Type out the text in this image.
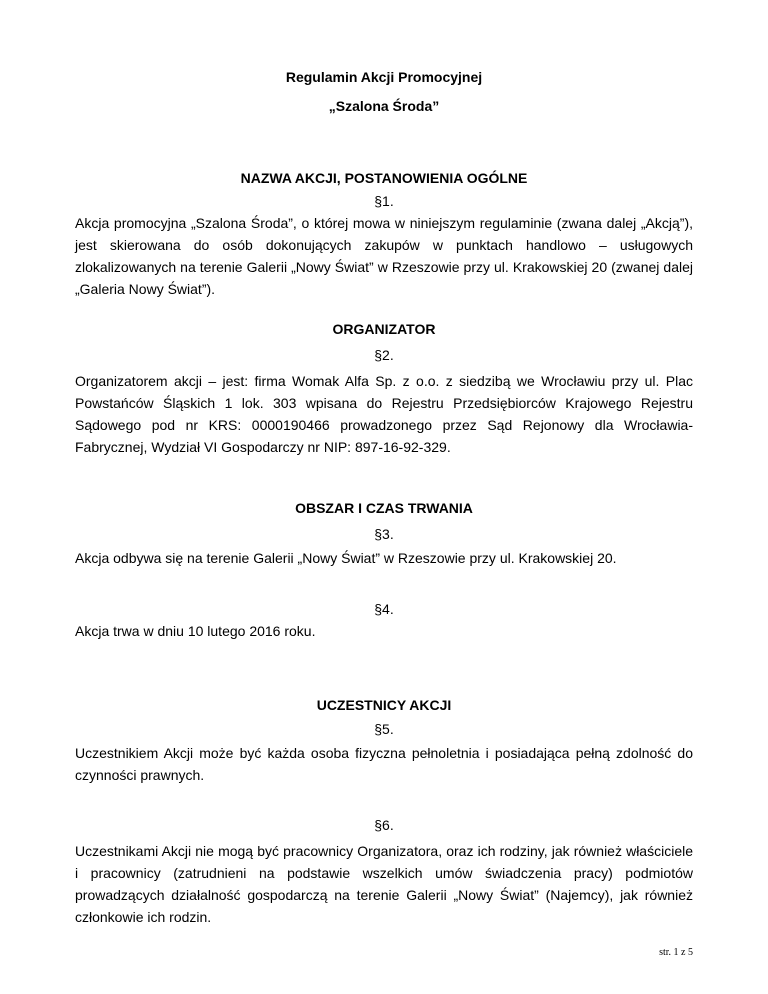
Regulamin Akcji Promocyjnej
„Szalona Środa”
NAZWA AKCJI, POSTANOWIENIA OGÓLNE
§1.
Akcja promocyjna „Szalona Środa”, o której mowa w niniejszym regulaminie (zwana dalej „Akcją”), jest skierowana do osób dokonujących zakupów w punktach handlowo – usługowych zlokalizowanych na terenie Galerii „Nowy Świat” w Rzeszowie przy ul. Krakowskiej 20 (zwanej dalej „Galeria Nowy Świat”).
ORGANIZATOR
§2.
Organizatorem akcji – jest: firma Womak Alfa Sp. z o.o. z siedzibą we Wrocławiu przy ul. Plac Powstańców Śląskich 1 lok. 303 wpisana do Rejestru Przedsiębiorców Krajowego Rejestru Sądowego pod nr KRS: 0000190466 prowadzonego przez Sąd Rejonowy dla Wrocławia-Fabrycznej, Wydział VI Gospodarczy nr NIP: 897-16-92-329.
OBSZAR I CZAS TRWANIA
§3.
Akcja odbywa się na terenie Galerii „Nowy Świat” w Rzeszowie przy ul. Krakowskiej 20.
§4.
Akcja trwa w dniu 10 lutego 2016 roku.
UCZESTNICY AKCJI
§5.
Uczestnikiem Akcji może być każda osoba fizyczna pełnoletnia i posiadająca pełną zdolność do czynności prawnych.
§6.
Uczestnikami Akcji nie mogą być pracownicy Organizatora, oraz ich rodziny, jak również właściciele i pracownicy (zatrudnieni na podstawie wszelkich umów świadczenia pracy) podmiotów prowadzących działalność gospodarczą na terenie Galerii „Nowy Świat” (Najemcy), jak również członkowie ich rodzin.
str. 1 z 5
